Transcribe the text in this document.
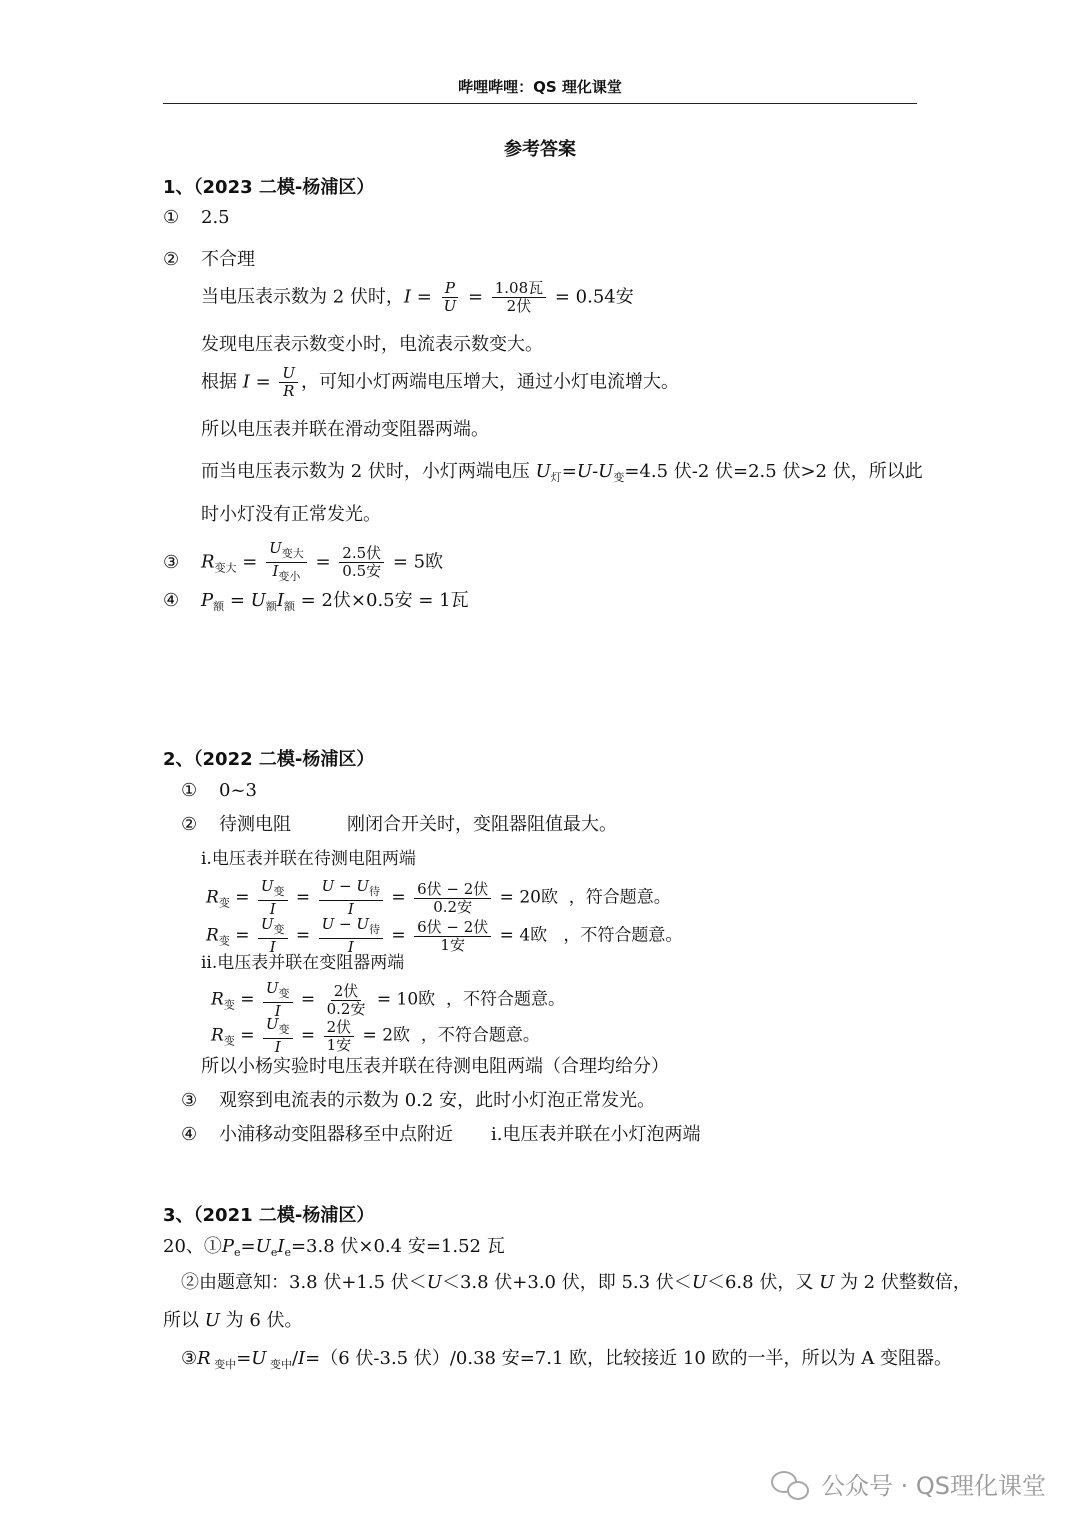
哔哩哔哩：QS 理化课堂
参考答案
1、（2023 二模-杨浦区）
① 2.5
② 不合理
当电压表示数为 2 伏时，$I = \frac{P}{U} = \frac{\text{1.08瓦}}{\text{2伏}} = 0.54$安
发现电压表示数变小时，电流表示数变大。
根据 $I = \frac{U}{R}$ ，可知小灯两端电压增大，通过小灯电流增大。
所以电压表并联在滑动变阻器两端。
而当电压表示数为 2 伏时，小灯两端电压 $U_灯=U-U_变=4.5$ 伏-2 伏=2.5 伏>2 伏，所以此
时小灯没有正常发光。
③ $R_{变大} = \frac{U_{变大}}{I_{变小}} = \frac{\text{2.5伏}}{\text{0.5安}} = 5$欧
④ $P_额 = U_额I_额 = 2$伏×0.5安 = 1瓦
2、（2022 二模-杨浦区）
① 0~3
② 待测电阻	刚闭合开关时，变阻器阻值最大。
i.电压表并联在待测电阻两端
$R_变 = \frac{U_变}{I} = \frac{U - U_待}{I} = \frac{\text{6伏 − 2伏}}{\text{0.2安}} = 20$欧 ，符合题意。
$R_变 = \frac{U_变}{I} = \frac{U - U_待}{I} = \frac{\text{6伏 − 2伏}}{\text{1安}} = 4$欧 ，不符合题意。
ii.电压表并联在变阻器两端
$R_变 = \frac{U_变}{I} = \frac{\text{2伏}}{\text{0.2安}} = 10$欧 ，不符合题意。
$R_变 = \frac{U_变}{I} = \frac{\text{2伏}}{\text{1安}} = 2$欧 ，不符合题意。
所以小杨实验时电压表并联在待测电阻两端（合理均给分）
③ 观察到电流表的示数为 0.2 安，此时小灯泡正常发光。
④ 小浦移动变阻器移至中点附近 i.电压表并联在小灯泡两端
3、（2021 二模-杨浦区）
20、$①P_e=U_eI_e=3.8$ 伏×0.4 安=1.52 瓦
②由题意知：3.8 伏+1.5 伏＜U＜3.8 伏+3.0 伏，即 5.3 伏＜U＜6.8 伏，又 U 为 2 伏整数倍，
所以 U 为 6 伏。
③R $_{变中}$=U $_{变中}$/I=（6 伏-3.5 伏）/0.38 安=7.1 欧，比较接近 10 欧的一半，所以为 A 变阻器。
公众号 · QS理化课堂
